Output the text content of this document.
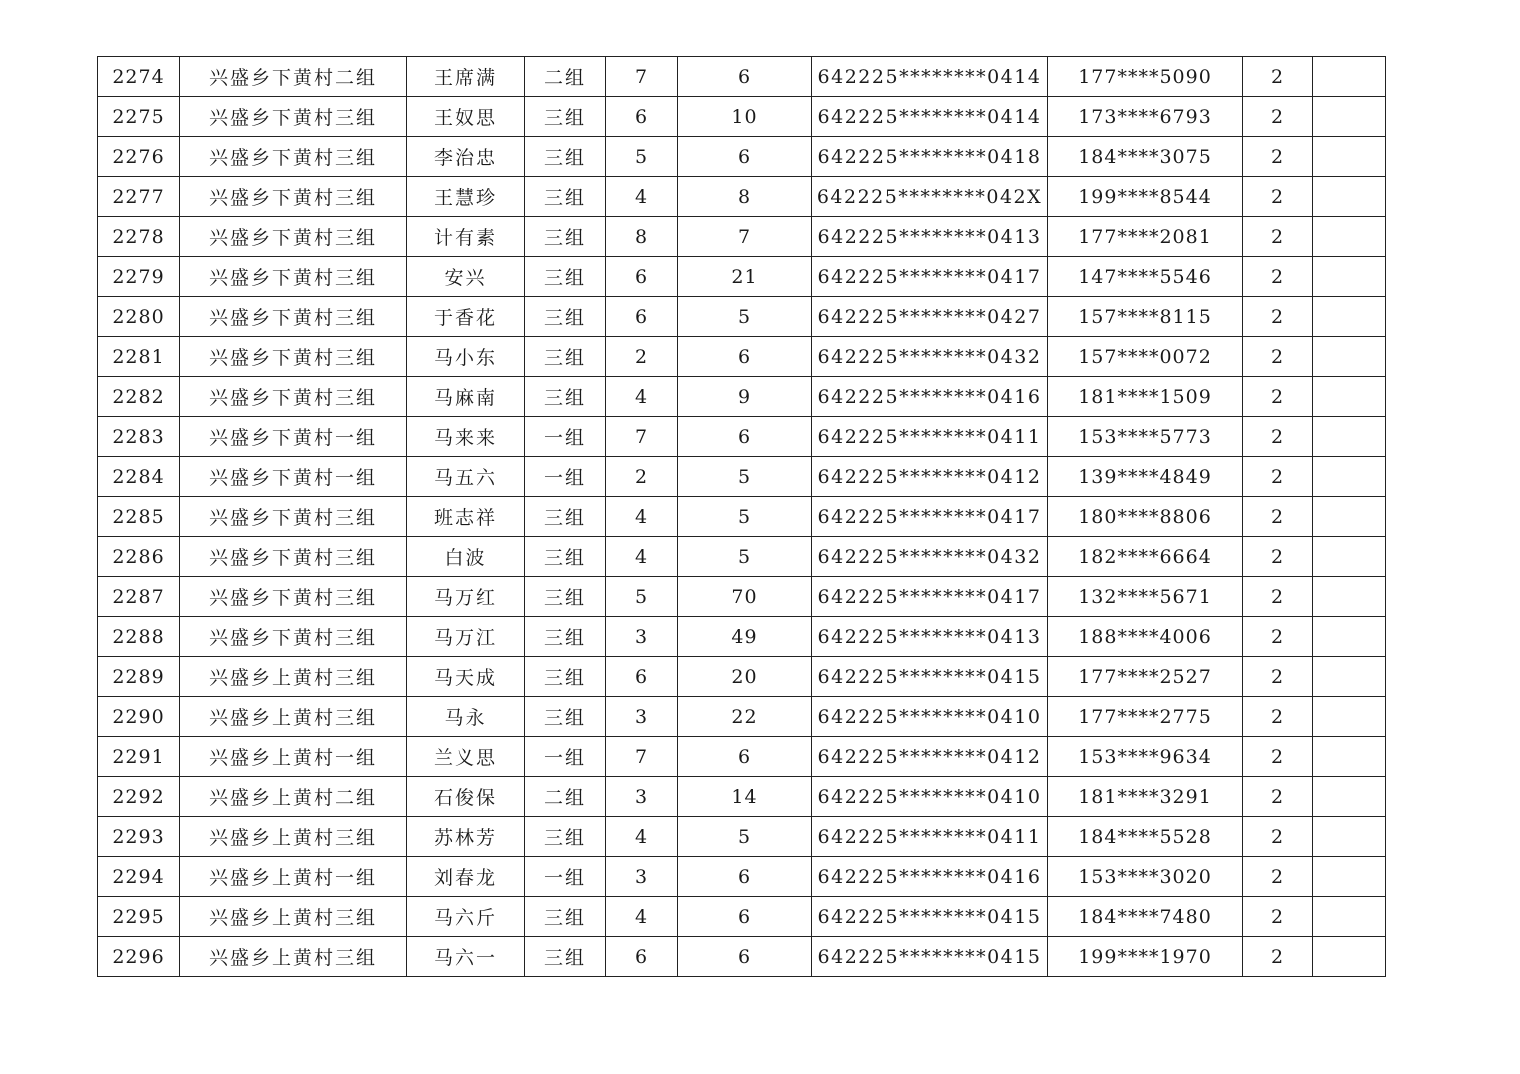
2274	兴盛乡下黄村二组	王席满	二组	7	6	642225********0414	177****5090	2	
2275	兴盛乡下黄村三组	王奴思	三组	6	10	642225********0414	173****6793	2	
2276	兴盛乡下黄村三组	李治忠	三组	5	6	642225********0418	184****3075	2	
2277	兴盛乡下黄村三组	王慧珍	三组	4	8	642225********042X	199****8544	2	
2278	兴盛乡下黄村三组	计有素	三组	8	7	642225********0413	177****2081	2	
2279	兴盛乡下黄村三组	安兴	三组	6	21	642225********0417	147****5546	2	
2280	兴盛乡下黄村三组	于香花	三组	6	5	642225********0427	157****8115	2	
2281	兴盛乡下黄村三组	马小东	三组	2	6	642225********0432	157****0072	2	
2282	兴盛乡下黄村三组	马麻南	三组	4	9	642225********0416	181****1509	2	
2283	兴盛乡下黄村一组	马来来	一组	7	6	642225********0411	153****5773	2	
2284	兴盛乡下黄村一组	马五六	一组	2	5	642225********0412	139****4849	2	
2285	兴盛乡下黄村三组	班志祥	三组	4	5	642225********0417	180****8806	2	
2286	兴盛乡下黄村三组	白波	三组	4	5	642225********0432	182****6664	2	
2287	兴盛乡下黄村三组	马万红	三组	5	70	642225********0417	132****5671	2	
2288	兴盛乡下黄村三组	马万江	三组	3	49	642225********0413	188****4006	2	
2289	兴盛乡上黄村三组	马天成	三组	6	20	642225********0415	177****2527	2	
2290	兴盛乡上黄村三组	马永	三组	3	22	642225********0410	177****2775	2	
2291	兴盛乡上黄村一组	兰义思	一组	7	6	642225********0412	153****9634	2	
2292	兴盛乡上黄村二组	石俊保	二组	3	14	642225********0410	181****3291	2	
2293	兴盛乡上黄村三组	苏林芳	三组	4	5	642225********0411	184****5528	2	
2294	兴盛乡上黄村一组	刘春龙	一组	3	6	642225********0416	153****3020	2	
2295	兴盛乡上黄村三组	马六斤	三组	4	6	642225********0415	184****7480	2	
2296	兴盛乡上黄村三组	马六一	三组	6	6	642225********0415	199****1970	2	
